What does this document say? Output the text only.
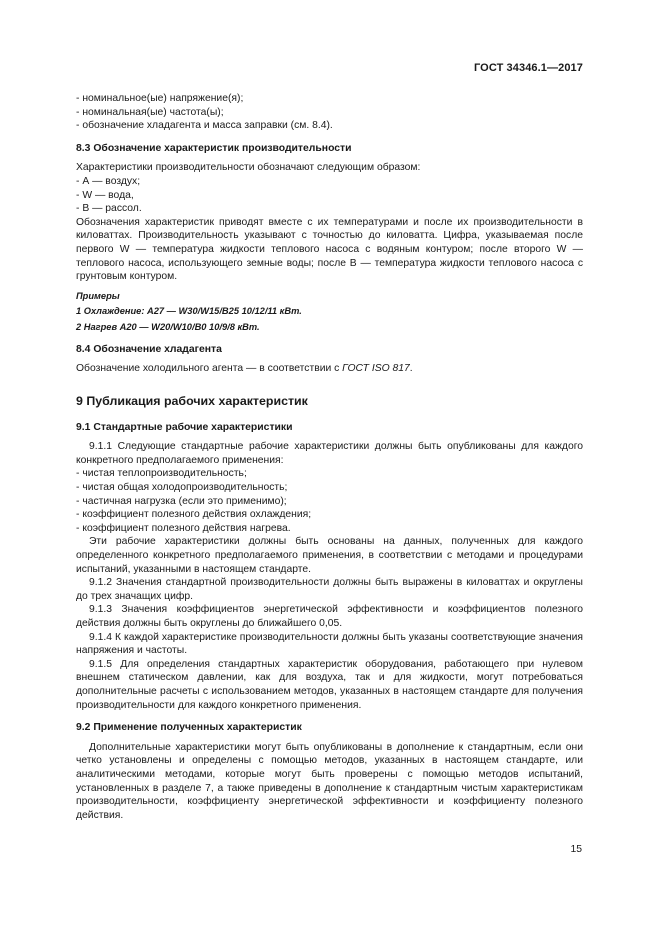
ГОСТ 34346.1—2017

- номинальное(ые) напряжение(я);

- номинальная(ые) частота(ы);

- обозначение хладагента и масса заправки (см. 8.4).

8.3 Обозначение характеристик производительности

Характеристики производительности обозначают следующим образом:

- А — воздух;

- W — вода,

- В — рассол.

Обозначения характеристик приводят вместе с их температурами и после их производительности в киловаттах. Производительность указывают с точностью до киловатта. Цифра, указываемая после первого W — температура жидкости теплового насоса с водяным контуром; после второго W — теплового насоса, использующего земные воды; после В — температура жидкости теплового насоса с грунтовым контуром.

Примеры

1 Охлаждение: А27 — W30/W15/B25 10/12/11 кВт.

2 Нагрев А20 — W20/W10/B0 10/9/8 кВт.

8.4 Обозначение хладагента

Обозначение холодильного агента — в соответствии с ГОСТ ISO 817.

9 Публикация рабочих характеристик
9.1 Стандартные рабочие характеристики

9.1.1 Следующие стандартные рабочие характеристики должны быть опубликованы для каждого конкретного предполагаемого применения:

- чистая теплопроизводительность;

- чистая общая холодопроизводительность;

- частичная нагрузка (если это применимо);

- коэффициент полезного действия охлаждения;

- коэффициент полезного действия нагрева.

Эти рабочие характеристики должны быть основаны на данных, полученных для каждого определенного конкретного предполагаемого применения, в соответствии с методами и процедурами испытаний, указанными в настоящем стандарте.

9.1.2 Значения стандартной производительности должны быть выражены в киловаттах и округлены до трех значащих цифр.

9.1.3 Значения коэффициентов энергетической эффективности и коэффициентов полезного действия должны быть округлены до ближайшего 0,05.

9.1.4 К каждой характеристике производительности должны быть указаны соответствующие значения напряжения и частоты.

9.1.5 Для определения стандартных характеристик оборудования, работающего при нулевом внешнем статическом давлении, как для воздуха, так и для жидкости, могут потребоваться дополнительные расчеты с использованием методов, указанных в настоящем стандарте для получения производительности для каждого конкретного применения.

9.2 Применение полученных характеристик

Дополнительные характеристики могут быть опубликованы в дополнение к стандартным, если они четко установлены и определены с помощью методов, указанных в настоящем стандарте, или аналитическими методами, которые могут быть проверены с помощью методов испытаний, установленных в разделе 7, а также приведены в дополнение к стандартным чистым характеристикам производительности, коэффициенту энергетической эффективности и коэффициенту полезного действия.

15
